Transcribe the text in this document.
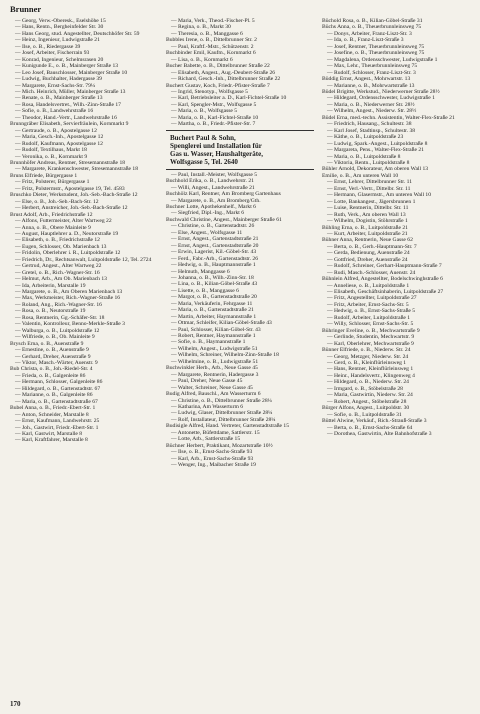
Brunner
— Georg, Verw.-Oberesk., Eselshöhe 15
— Hans, Rentn., Bergheinfelder Str. 30
— Hans Georg, stud. Angestellter, Deutschhöfer Str. 59
— Heinz, Ingenieur, Ludwigstraße 21
— Ilse, o. B., Riedergasse 39
— Josef, Arbeiter, Fischerrain 93
— Konrad, Ingenieur, Schelmsrasen 20
— Kunigunde E., o. B., Mainberger Straße 13
— Leo Josef, Bauschlosser, Mainberger Straße 10
— Ludwig, Buchhalter, Hadergasse 39
— Margarete, Ernst-Sachs-Str. 79¼
— Mich. Heinrich, Müller, Mainberger Straße 13
— Renate, o. B., Mainberger Straße 13
— Rosa, Handelsvertret., Wilh.-Zinn-Straße 17
— Sofie, o. B., Landwehrstraße 16
— Theodor, Hand.-Vertr., Landwehrstraße 16
Brunngräber Elisabeth, Servierfräulein, Kornmarkt 9
— Gertraude, o. B., Apostelgasse 12
— Maria, Gesch.-Inh., Apostelgasse 12
— Rudolf, Kaufmann, Apostelgasse 12
— Rudolf, Textilhaus, Markt 18
— Veronika, o. B., Kornmarkt 9
Brunnhöfer Andreas, Rentner, Stresemannstraße 18
— Margarete, Krankenschwester, Stresemannstraße 18
Bruns Elfriede, Bürgergasse 1
— Fritz, Polsterer, Bürgergasse 1
— Fritz, Polstermstr., Apostelgasse 19, Tel. 4583
Bruschko Dieter, Werkstudent, Joh.-Seb.-Bach-Straße 12
— Else, o. B., Joh.-Seb.-Bach-Str. 12
— Herbert, Anstreicher, Joh.-Seb.-Bach-Straße 12
Brust Adolf, Arb., Friedrichstraße 12
— Alfons, Futtermeister, Alter Wartweg 22
— Anna, o. B., Obere Mainleite 9
— August, Hauptlehrer a. D., Neutorstraße 19
— Elisabeth, o. B., Friedrichstraße 12
— Eugen, Schlosser, Ob. Marienbach 13
— Fridolin, Oberlehrer i. R., Luitpoldstraße 12
— Friedrich, Dr., Rechtsanwalt, Luitpoldstraße 12, Tel. 2724
— Gertrud, Angest., Alter Wartweg 22
— Gretel, o. B., Rich.-Wagner-Str. 16
— Helmut, Arb., Am Ob. Marienbach 13
— Ida, Arbeiterin, Marstalle 19
— Margarete, o. B., Am Oberen Marienbach 13
— Max, Werkmeister, Rich.-Wagner-Straße 16
— Roland, Ang., Rich.-Wagner-Str. 16
— Rosa, o. B., Neutorstraße 19
— Rosa, Rentnerin, Gg.-Schäfer-Str. 18
— Valentin, Kontrolleur, Benno-Merkle-Straße 3
— Walburga, o. B., Luitpoldstraße 12
— Wilfriede, o. B., Ob. Mainleite 9
Brysch Erna, o. B., Auenstraße 9
— Ernestine, o. B., Auenstraße 9
— Gerhard, Dreher, Auenstraße 9
— Viktor, Masch.-Wärter, Auenstr. 9
Bub Christa, o. B., Joh.-Riedel-Str. 4
— Frieda, o. B., Galgenleite 86
— Hermann, Schlosser, Galgenleite 86
— Hildegard, o. B., Gartenstadtstr. 67
— Marianne, o. B., Galgenleite 86
— Maria, o. B., Gartenstadtstraße 67
Bubel Anna, o. B., Friedr.-Ebert-Str. 1
— Anton, Schneider, Marstalle 8
— Ernst, Kaufmann, Landwehrstr. 25
— Joh., Gastwirt, Friedr.-Ebert-Str. 1
— Karl, Gastwirt, Marstalle 8
— Karl, Kraftfahrer, Marstalle 8
— Maria, Verk., Theod.-Fischer-Pl. 5
— Regina, o. B., Markt 30
— Theresia, o. B., Manggasse 6
Bubbles Irene, o. B., Dittelbrunner Str. 2
— Paul, Kraftf.-Mstr., Schützenstr. 2
Buchbinder Emil, Kaufm., Kornmarkt 6
— Lisa, o. B., Kornmarkt 6
Bucher Babette, o. B., Dittelbrunner Straße 22
— Elisabeth, Angest., Aug.-Deubert-Straße 26
— Richard, Gesch.-Inh., Dittelbrunner Straße 22
Buchert Gustav, Koch, Friedr.-Pfister-Straße 7
— Ingrid, Stenotyp., Wolfsgasse 5
— Karl, Betriebsleiter a. D., Karl-Fichtel-Straße 10
— Karl, Spengler-Mstr., Wolfsgasse 5
— Maria, o. B., Wolfsgasse 5
— Maria, o. B., Karl-Fichtel-Straße 10
— Martha, o. B., Friedr.-Pfister-Str. 7
Buchert Paul & Sohn,
Spenglerei und Installation für
Gas u. Wasser, Haushaltgeräte,
Wolfsgasse 5, Tel. 2640
— Paul, Install.-Meister, Wolfsgasse 5
Buchhold Erika, o. B., Landwehrstr. 21
— Willi, Angest., Landwehrstraße 21
Buchhölz Karl, Rentner, Am Bromberg Gartenhaus
— Margarete, o. B., Am Bromberg/Gth.
Buchner Lotte, Apothekenhelf., Markt 6
— Siegfried, Dipl.-Ing., Markt 6
Buchwald Christine, Angest., Mainberger Straße 61
— Christine, o. B., Gartenstadtstr. 26
— Else, Angest., Wolfsgasse 11
— Ernst, Angest., Gartenstadtstraße 21
— Ernst, Angest., Gartenstadtstraße 20
— Erwin, Lagerist, Kil.-Göbel-Str. 43
— Ferd., Fabr.-Arb., Gartenstadtstr. 26
— Hedwig, o. B., Hauptmannstraße 1
— Helmuth, Manggasse 6
— Johanna, o. B., Wilh.-Zinn-Str. 18
— Lina, o. B., Kilian-Göbel-Straße 43
— Lisette, o. B., Manggasse 6
— Margot, o. B., Gartenstadtstraße 20
— Maria, Verkäuferin, Fehrgasse 11
— Maria, o. B., Gartenstadtstraße 21
— Martin, Arbeiter, Haymannstraße 1
— Ottmar, Schleifer, Kilian-Göbel-Straße 43
— Paul, Schlosser, Kilian-Göbel-Str. 43
— Robert, Rentner, Haymannstraße 1
— Sofie, o. B., Haymannstraße 1
— Wilhelm, Angest., Ludwigstraße 51
— Wilhelm, Schreiner, Wilhelm-Zinn-Straße 18
— Wilhelmine, o. B., Ludwigstraße 51
Buchwinkler Herb., Arb., Neue Gasse 45
— Margarete, Rentnerin, Hadergasse 3
— Paul, Dreher, Neue Gasse 45
— Walter, Schreiner, Neue Gasse 45
Budig Alfred, Bauschl., Am Wasserturm 6
— Christine, o. B., Dittelbrunner Straße 28¼
— Katharina, Am Wasserturm 6
— Ludwig, Glaser, Dittelbrunner Straße 28¼
— Rolf, Installateur, Dittelbrunner Straße 28¼
Budisigle Alfred, Hand. Vertreter, Gartenstadtstraße 15
— Antonette, Büfettdame, Sattlerstr. 15
— Lotte, Arb., Sattlerstraße 15
Büchner Herbert, Praktikant, Mozartstraße 10½
— Ilse, o. B., Ernst-Sachs-Straße 93
— Karl, Arb., Ernst-Sachs-Straße 93
— Wenger, Ing., Maibacher Straße 19
Büchold Rosa, o. B., Kilian-Göbel-Straße 31
Büchs Anna, o. B., Theuerbrunnleinsweg 75
— Donys, Arbeiter, Franz-Liszt-Str. 3
— Ida, o. B., Franz-Liszt-Straße 3
— Josef, Rentner, Theuerbrunnleinsweg 75
— Josefine, o. B., Theuerbrunnleinsweg 75
— Magdalena, Ordensschwester, Ludwigstraße 1
— Max, Lehr., Theuerbrunnleinsweg 75
— Rudolf, Schlosser, Franz-Liszt-Str. 3
Büddig Ernst, Angest., Mohrwartstr. 13
— Marianne, o. B., Mohrwartstraße 13
Büdel Brigitte, Werkstud., Niederwerner Straße 28½
— Hildegard, Ordensschwester, Ludwigstraße 1
— Maria, o. B., Niederwerner Str. 28½
— Wilhelm, Angest., Niederw. Str. 28½
Büdel Erna, med.-techn. Assistentin, Walter-Flex-Straße 21
— Friedrich, Hausang., Schultestr. 38
— Karl Josef, Stadtinsp., Schultestr. 38
— Käthe, o. B., Luitpoldstraße 23
— Ludwig, Spark.-Angest., Luitpoldstraße 8
— Margareta, Pens., Walter-Flex-Straße 21
— Maria, o. B., Luitpoldstraße 8
— Viktoria, Rentn., Luitpoldstraße 8
Bühler Arnold, Dekorateur, Am oberen Wall 13
Emilie, o. B., Am unteren Wall 10
— Ernst, Lehrer, Dittelbrunner Str. 11
— Ernst, Verl.-Vertr., Dittelbr. Str. 11
— Hermann, Glasermstr., Am unteren Wall 10
— Lotte, Bankangest., Jägersbrunnen 1
— Luise, Rentnerin, Dittelbr. Str. 11
— Ruth, Verk., Am oberen Wall 13
— Wilhelm, Dogistin, Stöhrstraße 1
Bühling Erna, o. B., Luitpoldstraße 21
— Kurt, Arbeiter, Luitpoldstraße 21
Bühner Anna, Rentnerin, Neue Gasse 62
— Berta, o. B., Gerh.-Hauptmann-Str. 7
— Gerda, Bedienung, Auenstraße 24
— Gottfried, Dreher, Auenstraße 24
— Rudolf, Schreiner, Gerhart-Hauptmann-Straße 7
— Rudi, Masch.-Schlosser, Auenstr. 24
Bühnlein Alfred, Angestellter, Bodelschwinghstraße 6
— Anneliese, o. B., Luitpoldstraße 1
— Elisabeth, Geschäftsinhaberin, Luitpoldstraße 27
— Fritz, Angestellter, Luitpoldstraße 27
— Fritz, Arbeiter, Ernst-Sachs-Str. 5
— Hedwig, o. B., Ernst-Sachs-Straße 5
— Rudolf, Arbeiter, Luitpoldstraße 1
— Willy, Schlosser, Ernst-Sachs-Str. 5
Bühringer Eveline, o. B., Mechwartstraße 9
— Gerlinde, Studentin, Mechwartstr. 9
— Karl, Oberlehrer, Mechwartstraße 9
Bünner Elfriede, o. B., Niederw. Str. 24
— Georg, Metzger, Niederw. Str. 24
— Gerd, o. B., Kleinflürleinsweg 1
— Hans, Rentner, Kleinflürleinsweg 1
— Heinr., Handelsvertr., Klingenweg 4
— Hildegard, o. B., Niederw. Str. 24
— Irmgard, o. B., Stöbelstraße 28
— Maria, Gastwirtin, Niederw. Str. 24
— Robert, Angest., Stöbelstraße 28
Bürger Alfons, Angest., Luitpoldstr. 30
— Sofie, o. B., Luitpoldstraße 31
Büttel Alwine, Verkäuf., Rich.-Strauß-Straße 3
— Berta, o. B., Ernst-Sachs-Straße 64
— Dorothea, Gastwirtin, Alte Bahnhofstraße 3
170
